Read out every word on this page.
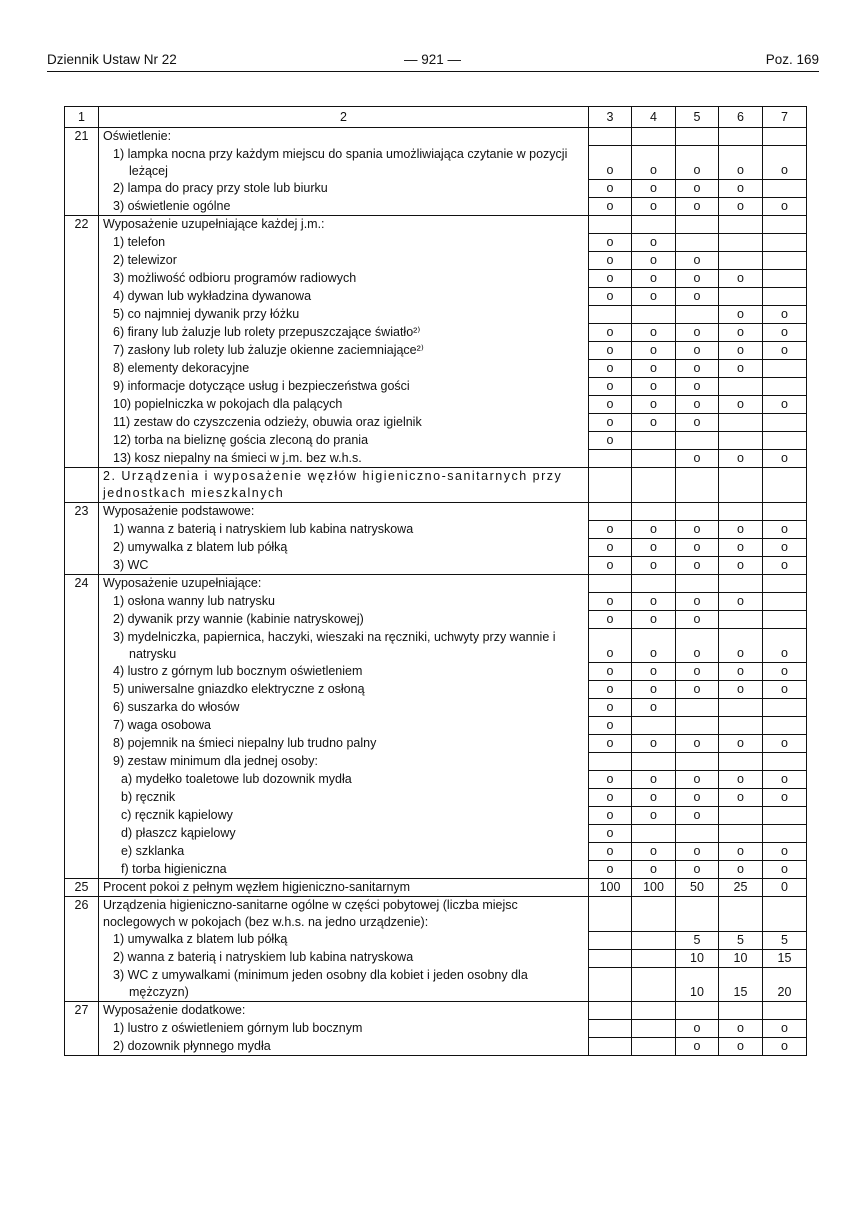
Dziennik Ustaw Nr 22	— 921 —	Poz. 169
1	2	3	4	5	6	7
21	Oświetlenie:					

	1) lampka nocna przy każdym miejscu do spania umożliwiająca czytanie w pozycji leżącej	o	o	o	o	o

	2) lampa do pracy przy stole lub biurku	o	o	o	o	

	3) oświetlenie ogólne	o	o	o	o	o
22	Wyposażenie uzupełniające każdej j.m.:					

	1) telefon	o	o			

	2) telewizor	o	o	o		

	3) możliwość odbioru programów radiowych	o	o	o	o	

	4) dywan lub wykładzina dywanowa	o	o	o		

	5) co najmniej dywanik przy łóżku				o	o

	6) firany lub żaluzje lub rolety przepuszczające światło²⁾	o	o	o	o	o

	7) zasłony lub rolety lub żaluzje okienne zaciemniające²⁾	o	o	o	o	o

	8) elementy dekoracyjne	o	o	o	o	

	9) informacje dotyczące usług i bezpieczeństwa gości	o	o	o		

	10) popielniczka w pokojach dla palących	o	o	o	o	o

	11) zestaw do czyszczenia odzieży, obuwia oraz igielnik	o	o	o		

	12) torba na bieliznę gościa zleconą do prania	o				

	13) kosz niepalny na śmieci w j.m. bez w.h.s.			o	o	o

	2. Urządzenia i wyposażenie węzłów higieniczno-sanitarnych przy jednostkach mieszkalnych					

23	Wyposażenie podstawowe:					

	1) wanna z baterią i natryskiem lub kabina natryskowa	o	o	o	o	o

	2) umywalka z blatem lub półką	o	o	o	o	o

	3) WC	o	o	o	o	o
24	Wyposażenie uzupełniające:					

	1) osłona wanny lub natrysku	o	o	o	o	

	2) dywanik przy wannie (kabinie natryskowej)	o	o	o		

	3) mydelniczka, papiernica, haczyki, wieszaki na ręczniki, uchwyty przy wannie i natrysku	o	o	o	o	o

	4) lustro z górnym lub bocznym oświetleniem	o	o	o	o	o

	5) uniwersalne gniazdko elektryczne z osłoną	o	o	o	o	o

	6) suszarka do włosów	o	o			

	7) waga osobowa	o				

	8) pojemnik na śmieci niepalny lub trudno palny	o	o	o	o	o

	9) zestaw minimum dla jednej osoby:					

	a) mydełko toaletowe lub dozownik mydła	o	o	o	o	o

	b) ręcznik	o	o	o	o	o

	c) ręcznik kąpielowy	o	o	o		

	d) płaszcz kąpielowy	o				

	e) szklanka	o	o	o	o	o

	f) torba higieniczna	o	o	o	o	o
25	Procent pokoi z pełnym węzłem higieniczno-sanitarnym	100	100	50	25	0
26	Urządzenia higieniczno-sanitarne ogólne w części pobytowej (liczba miejsc noclegowych w pokojach (bez w.h.s. na jedno urządzenie):					

	1) umywalka z blatem lub półką			5	5	5

	2) wanna z baterią i natryskiem lub kabina natryskowa			10	10	15

	3) WC z umywalkami (minimum jeden osobny dla kobiet i jeden osobny dla mężczyzn)			10	15	20
27	Wyposażenie dodatkowe:					

	1) lustro z oświetleniem górnym lub bocznym			o	o	o

	2) dozownik płynnego mydła			o	o	o
